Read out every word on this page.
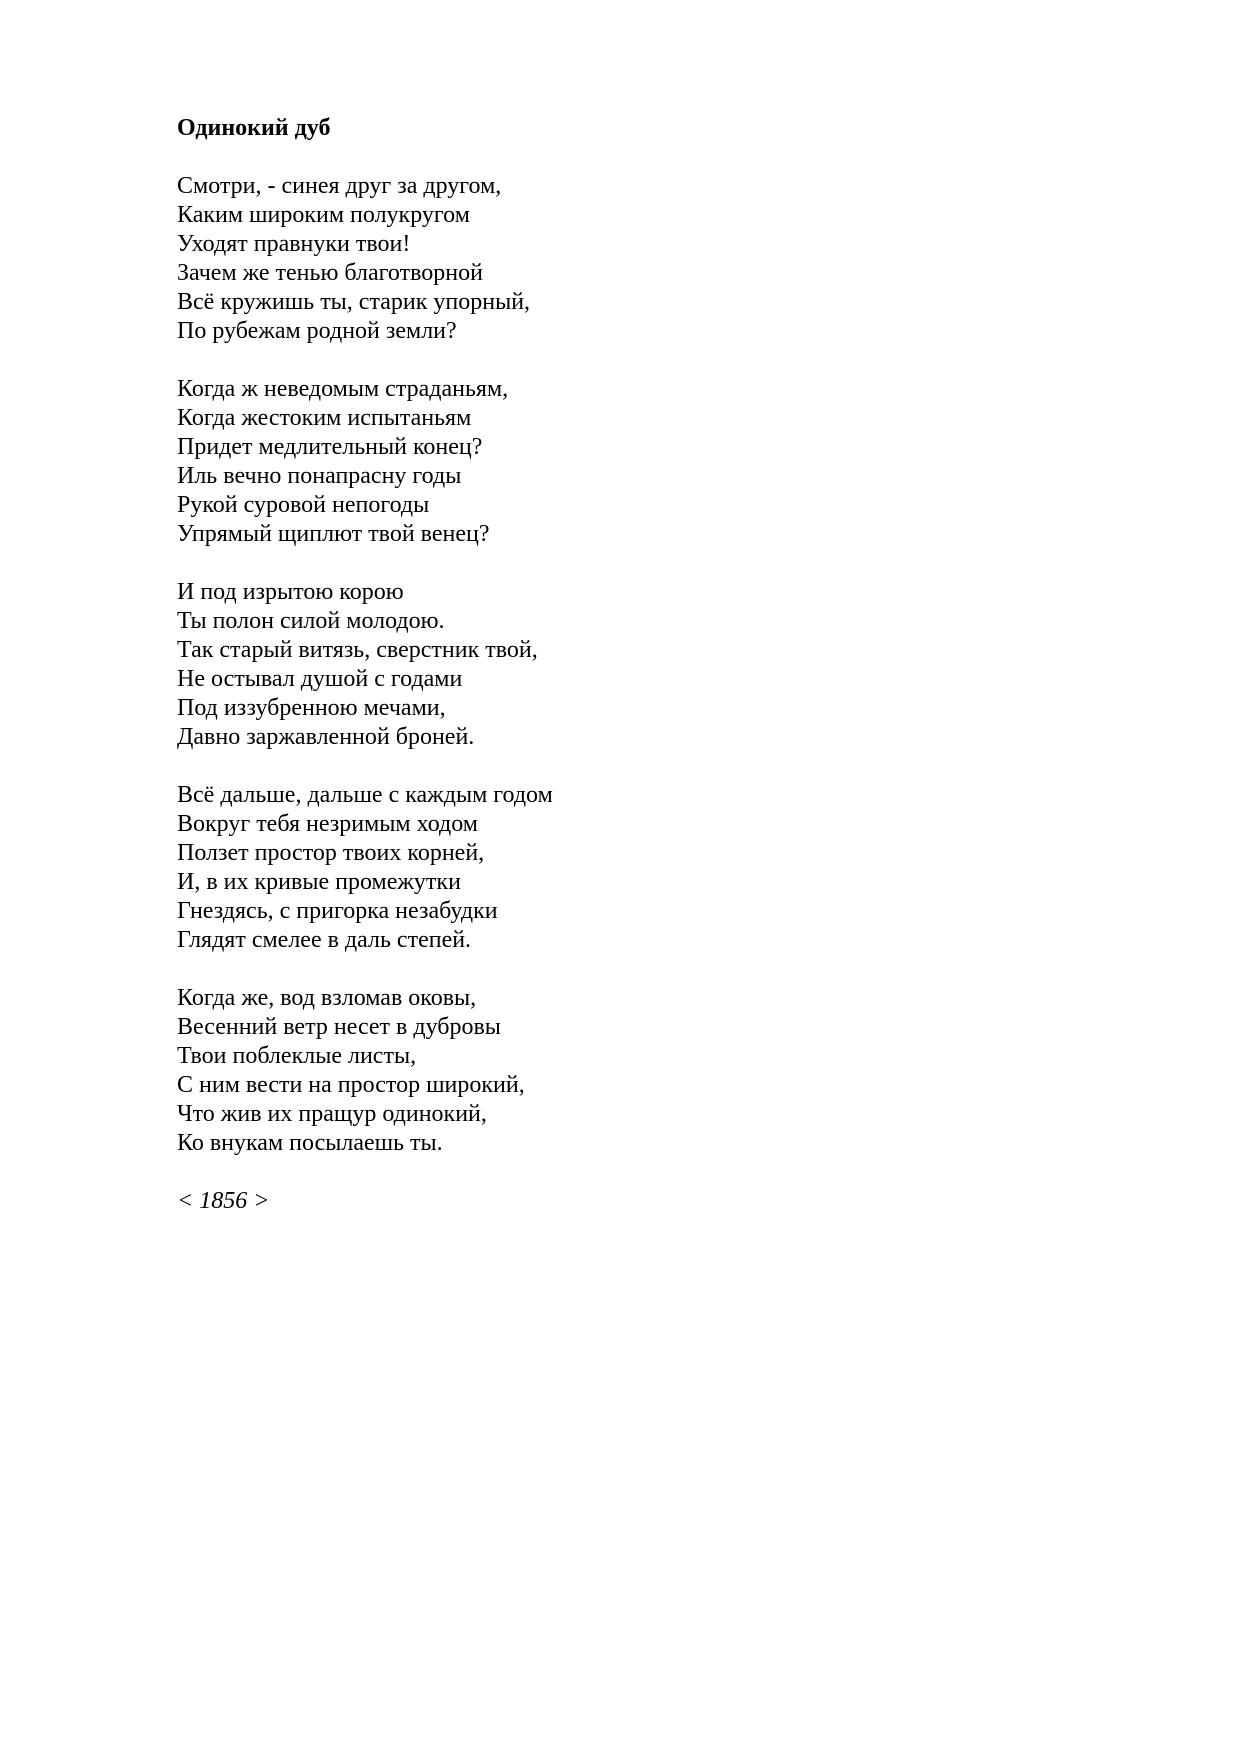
Одинокий дуб
Смотри, - синея друг за другом,
Каким широким полукругом
Уходят правнуки твои!
Зачем же тенью благотворной
Всё кружишь ты, старик упорный,
По рубежам родной земли?
Когда ж неведомым страданьям,
Когда жестоким испытаньям
Придет медлительный конец?
Иль вечно понапрасну годы
Рукой суровой непогоды
Упрямый щиплют твой венец?
И под изрытою корою
Ты полон силой молодою.
Так старый витязь, сверстник твой,
Не остывал душой с годами
Под иззубренною мечами,
Давно заржавленной броней.
Всё дальше, дальше с каждым годом
Вокруг тебя незримым ходом
Ползет простор твоих корней,
И, в их кривые промежутки
Гнездясь, с пригорка незабудки
Глядят смелее в даль степей.
Когда же, вод взломав оковы,
Весенний ветр несет в дубровы
Твои поблеклые листы,
С ним вести на простор широкий,
Что жив их пращур одинокий,
Ко внукам посылаешь ты.
< 1856 >
